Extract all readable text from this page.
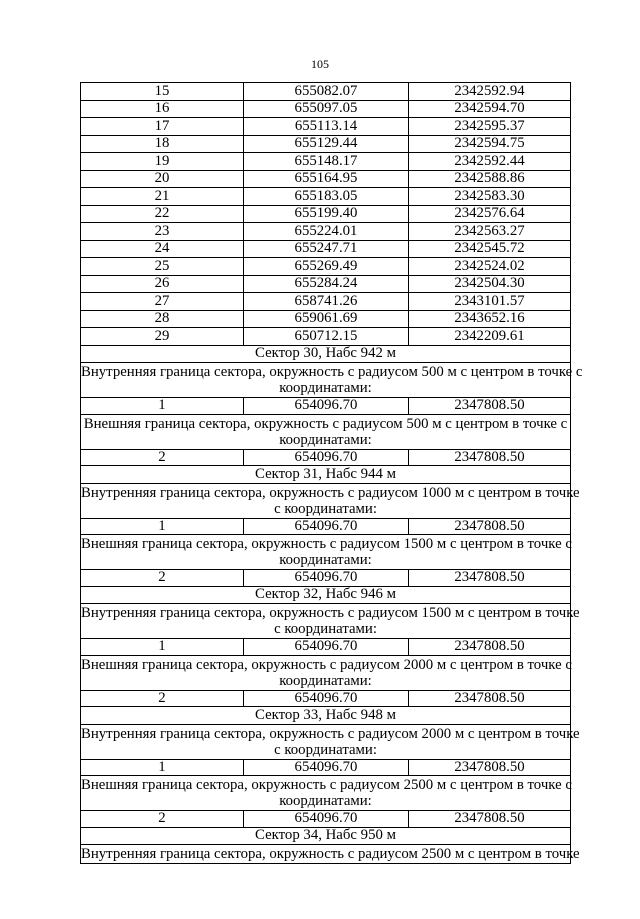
105
15	655082.07	2342592.94
16	655097.05	2342594.70
17	655113.14	2342595.37
18	655129.44	2342594.75
19	655148.17	2342592.44
20	655164.95	2342588.86
21	655183.05	2342583.30
22	655199.40	2342576.64
23	655224.01	2342563.27
24	655247.71	2342545.72
25	655269.49	2342524.02
26	655284.24	2342504.30
27	658741.26	2343101.57
28	659061.69	2343652.16
29	650712.15	2342209.61
Сектор 30, Набс 942 м		

Внутренняя граница сектора, окружность с радиусом 500 м с центром в точке с
координатами:		

1	654096.70	2347808.50

Внешняя граница сектора, окружность с радиусом 500 м с центром в точке с
координатами:		

2	654096.70	2347808.50
Сектор 31, Набс 944 м		

Внутренняя граница сектора, окружность с радиусом 1000 м с центром в точке
с координатами:		

1	654096.70	2347808.50

Внешняя граница сектора, окружность с радиусом 1500 м с центром в точке с
координатами:		

2	654096.70	2347808.50
Сектор 32, Набс 946 м		

Внутренняя граница сектора, окружность с радиусом 1500 м с центром в точке
с координатами:		

1	654096.70	2347808.50

Внешняя граница сектора, окружность с радиусом 2000 м с центром в точке с
координатами:		

2	654096.70	2347808.50
Сектор 33, Набс 948 м		

Внутренняя граница сектора, окружность с радиусом 2000 м с центром в точке
с координатами:		

1	654096.70	2347808.50

Внешняя граница сектора, окружность с радиусом 2500 м с центром в точке с
координатами:		

2	654096.70	2347808.50
Сектор 34, Набс 950 м		

Внутренняя граница сектора, окружность с радиусом 2500 м с центром в точке		
